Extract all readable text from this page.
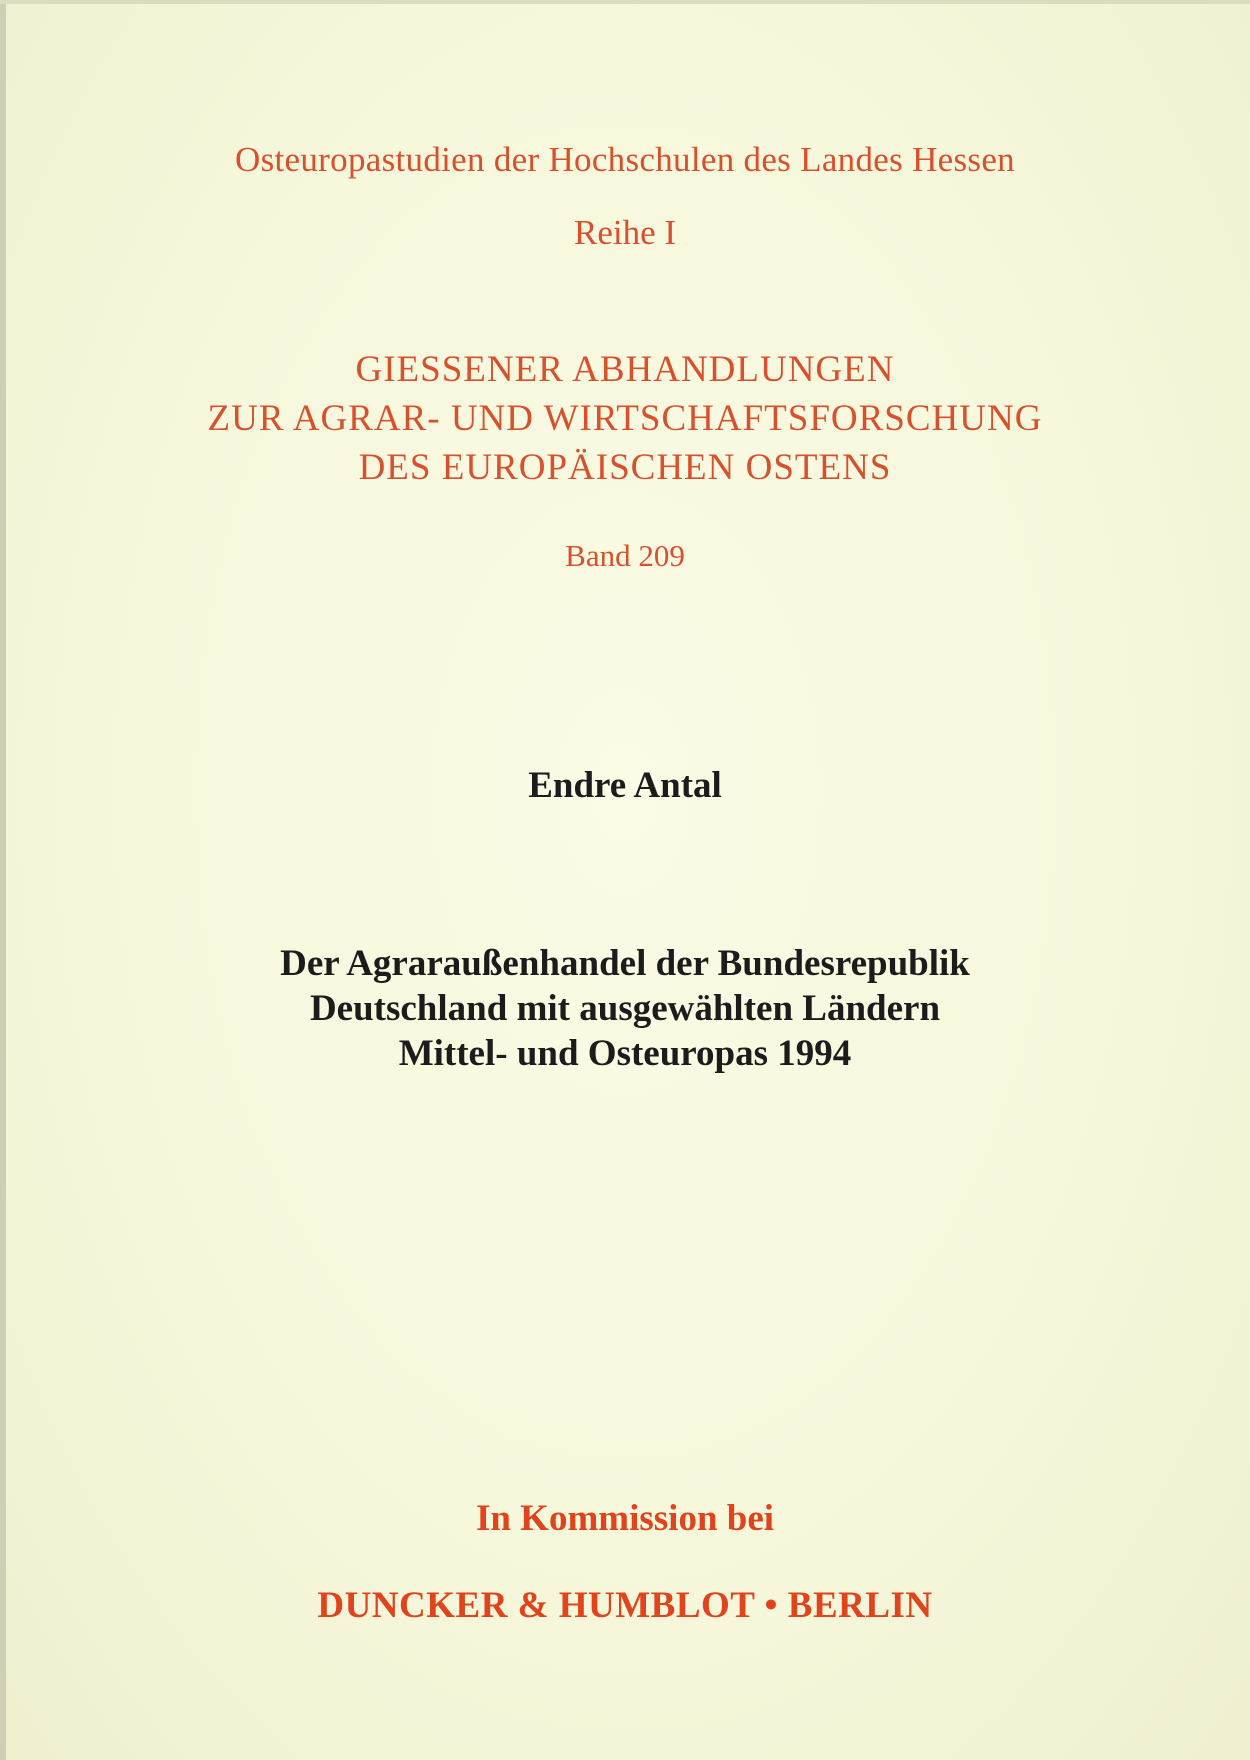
Osteuropastudien der Hochschulen des Landes Hessen
Reihe I
GIESSENER ABHANDLUNGEN
ZUR AGRAR- UND WIRTSCHAFTSFORSCHUNG
DES EUROPÄISCHEN OSTENS
Band 209
Endre Antal
Der Agraraußenhandel der Bundesrepublik
Deutschland mit ausgewählten Ländern
Mittel- und Osteuropas 1994
In Kommission bei
DUNCKER & HUMBLOT • BERLIN
